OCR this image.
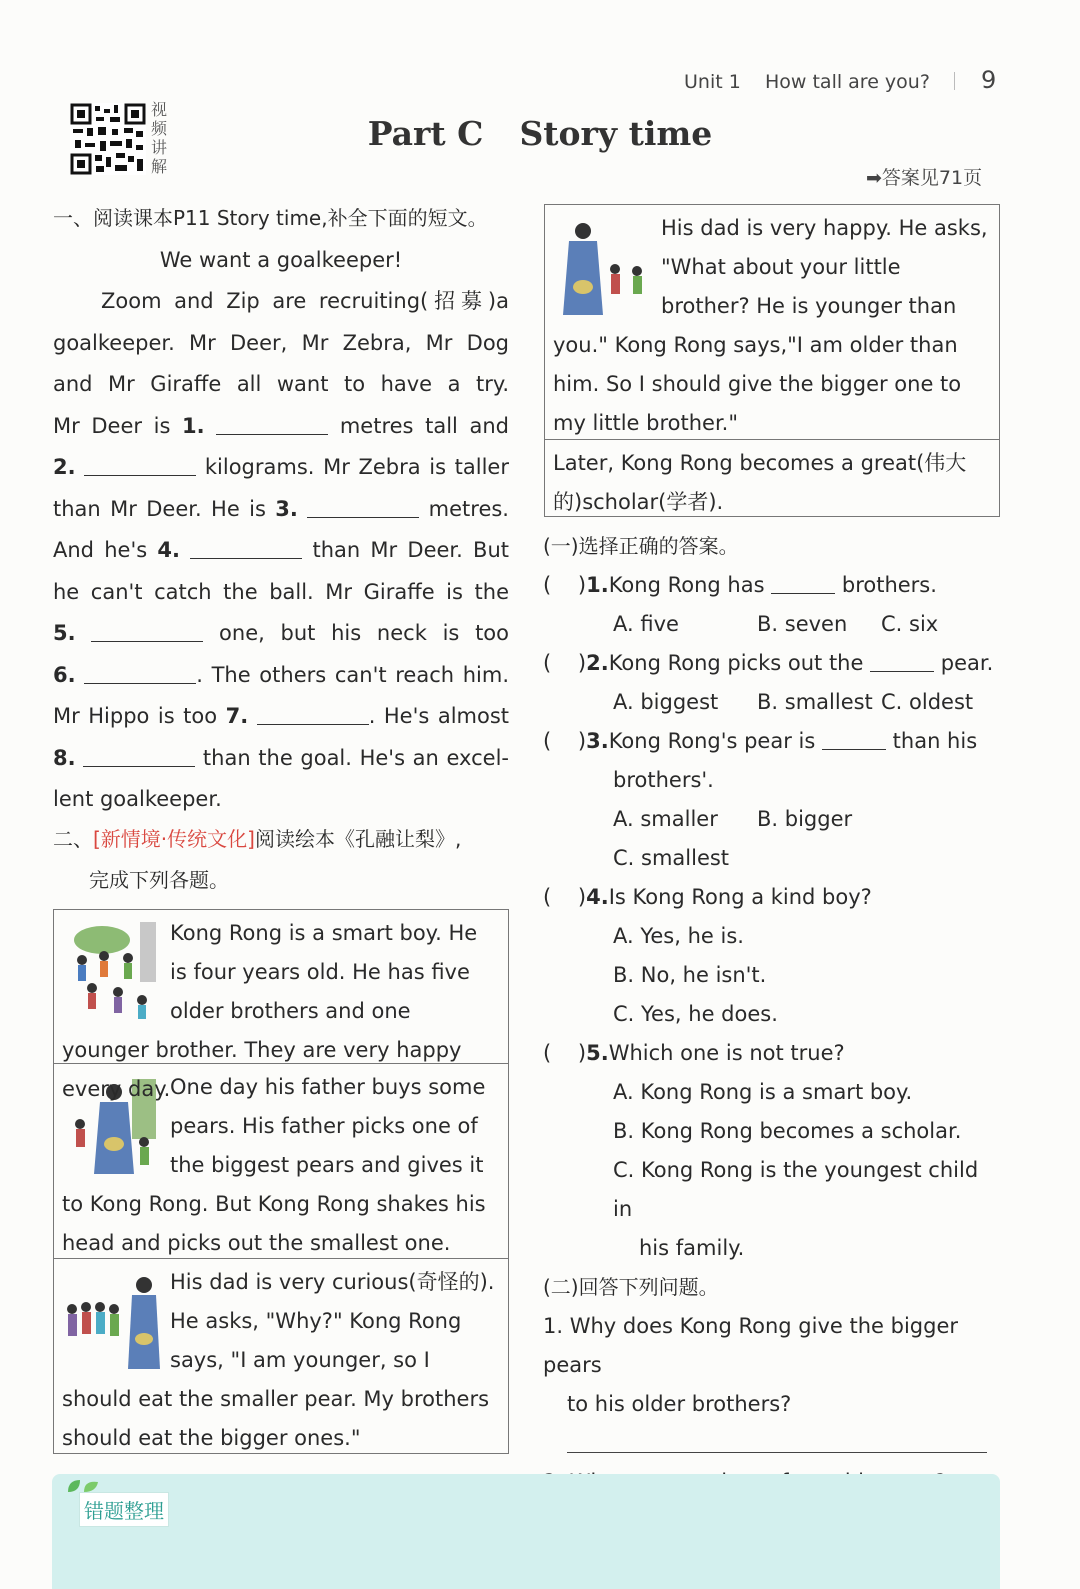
Unit 1 How tall are you? 9
视频讲解
Part C Story time
➡答案见71页
一、阅读课本P11 Story time,补全下面的短文。
We want a goalkeeper!
Zoom and Zip are recruiting(招募)a
goalkeeper. Mr Deer, Mr Zebra, Mr Dog
and Mr Giraffe all want to have a try.
Mr Deer is 1.	metres tall and
2.	kilograms. Mr Zebra is taller
than Mr Deer. He is 3.	metres.
And he's 4.	than Mr Deer. But
he can't catch the ball. Mr Giraffe is the
5.	one, but his neck is too
6.	. The others can't reach him.
Mr Hippo is too 7.	. He's almost
8.	than the goal. He's an excel-
lent goalkeeper.
二、[新情境·传统文化]阅读绘本《孔融让梨》,
完成下列各题。
Kong Rong is a smart boy. He is four years old. He has five older brothers and one younger brother. They are very happy every day. One day his father buys some pears. His father picks one of the biggest pears and gives it to Kong Rong. But Kong Rong shakes his head and picks out the smallest one.
His dad is very curious(奇怪的). He asks, "Why?" Kong Rong says, "I am younger, so I should eat the smaller pear. My brothers should eat the bigger ones."
His dad is very happy. He asks, "What about your little brother? He is younger than you." Kong Rong says,"I am older than him. So I should give the bigger one to my little brother."
Later, Kong Rong becomes a great(伟大的)scholar(学者).
(一)选择正确的答案。
(    )1.Kong Rong has	brothers.
A. five	B. seven C. six
(    )2.Kong Rong picks out the	pear.
A. biggest B. smallest C. oldest
(    )3.Kong Rong's pear is	than his
brothers'.
A. smaller B. bigger
C. smallest
(    )4.Is Kong Rong a kind boy?
A. Yes, he is.
B. No, he isn't.
C. Yes, he does.
(    )5.Which one is not true?
A. Kong Rong is a smart boy.
B. Kong Rong becomes a scholar.
C. Kong Rong is the youngest child in
his family.
(二)回答下列问题。
1. Why does Kong Rong give the bigger pears
to his older brothers?
错题整理
